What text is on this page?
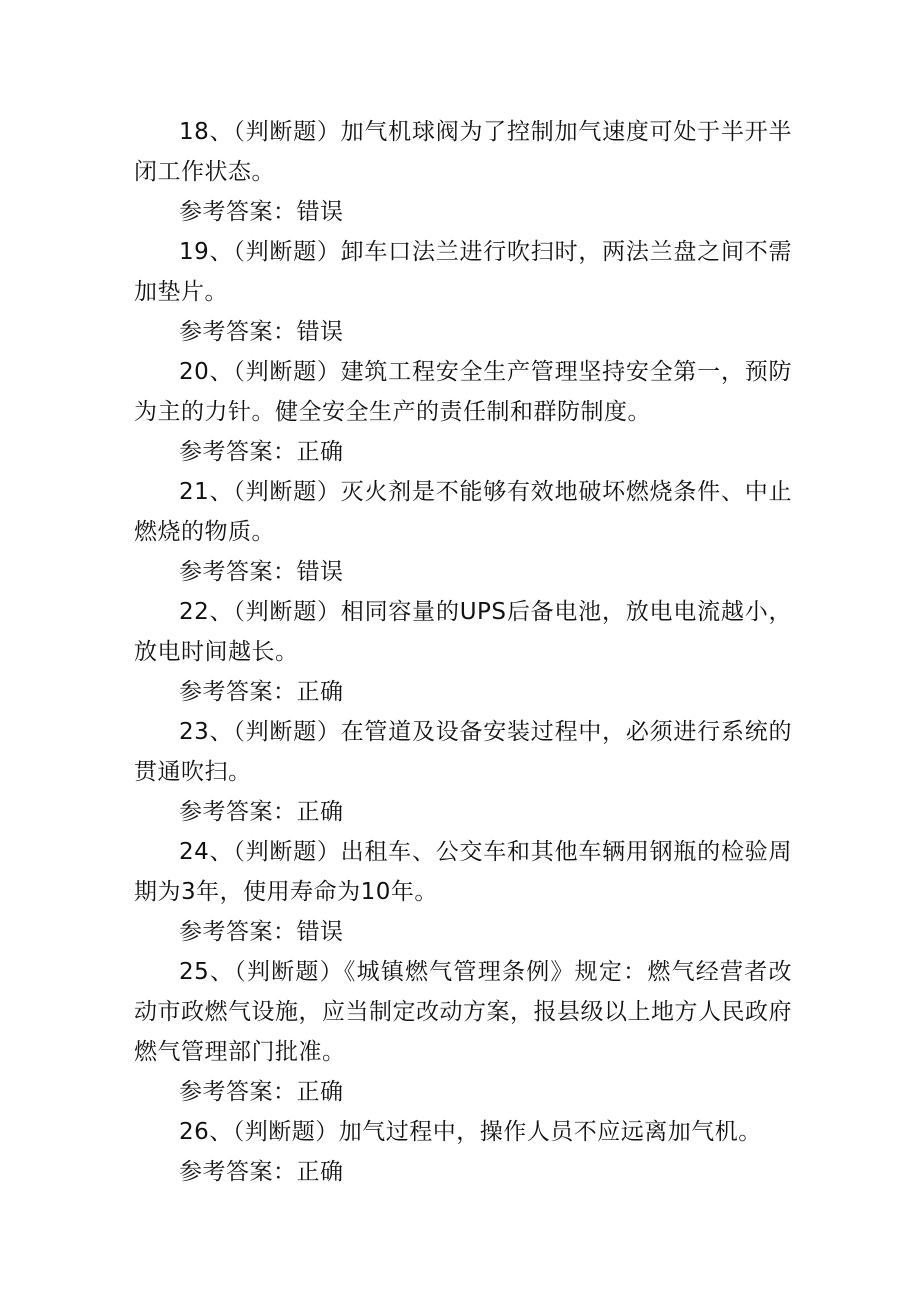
18、（判断题）加气机球阀为了控制加气速度可处于半开半闭工作状态。

参考答案：错误

19、（判断题）卸车口法兰进行吹扫时，两法兰盘之间不需加垫片。

参考答案：错误

20、（判断题）建筑工程安全生产管理坚持安全第一，预防为主的力针。健全安全生产的责任制和群防制度。

参考答案：正确

21、（判断题）灭火剂是不能够有效地破坏燃烧条件、中止燃烧的物质。

参考答案：错误

22、（判断题）相同容量的UPS后备电池，放电电流越小，放电时间越长。

参考答案：正确

23、（判断题）在管道及设备安装过程中，必须进行系统的贯通吹扫。

参考答案：正确

24、（判断题）出租车、公交车和其他车辆用钢瓶的检验周期为3年，使用寿命为10年。

参考答案：错误

25、（判断题）《城镇燃气管理条例》规定：燃气经营者改动市政燃气设施，应当制定改动方案，报县级以上地方人民政府燃气管理部门批准。

参考答案：正确

26、（判断题）加气过程中，操作人员不应远离加气机。

参考答案：正确
